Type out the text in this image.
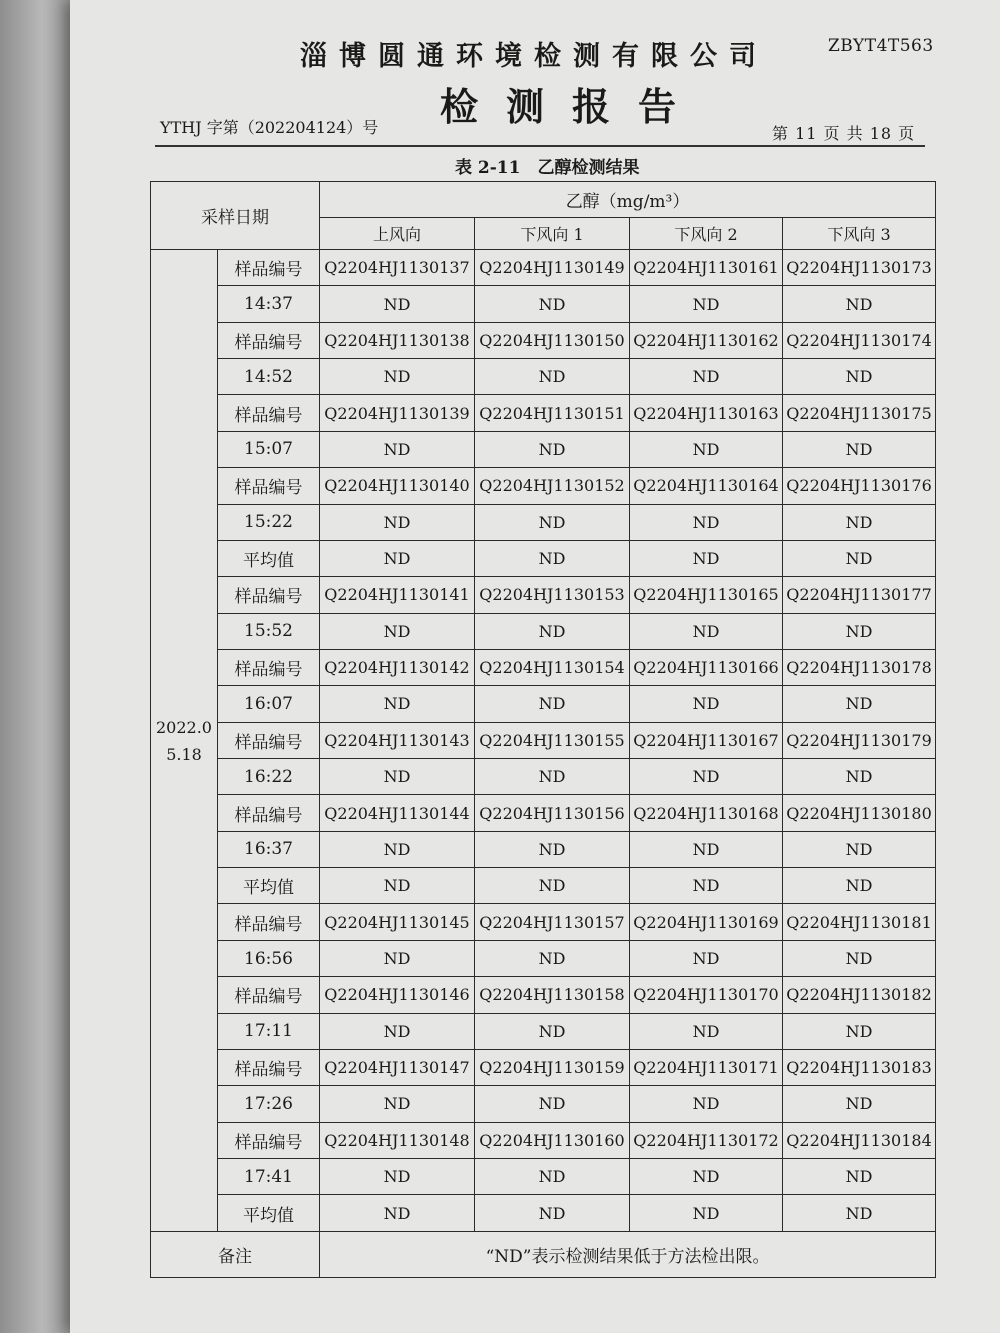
淄博圆通环境检测有限公司	ZBYT4T563
检测报告
YTHJ 字第（202204124）号	第 11 页 共 18 页
表 2-11　乙醇检测结果
采样日期		乙醇（mg/m³）			
		上风向	下风向 1	下风向 2	下风向 3

2022.0
5.18	样品编号	Q2204HJ1130137	Q2204HJ1130149	Q2204HJ1130161	Q2204HJ1130173
	14:37	ND	ND	ND	ND
	样品编号	Q2204HJ1130138	Q2204HJ1130150	Q2204HJ1130162	Q2204HJ1130174
	14:52	ND	ND	ND	ND
	样品编号	Q2204HJ1130139	Q2204HJ1130151	Q2204HJ1130163	Q2204HJ1130175
	15:07	ND	ND	ND	ND
	样品编号	Q2204HJ1130140	Q2204HJ1130152	Q2204HJ1130164	Q2204HJ1130176
	15:22	ND	ND	ND	ND
	平均值	ND	ND	ND	ND
	样品编号	Q2204HJ1130141	Q2204HJ1130153	Q2204HJ1130165	Q2204HJ1130177
	15:52	ND	ND	ND	ND
	样品编号	Q2204HJ1130142	Q2204HJ1130154	Q2204HJ1130166	Q2204HJ1130178
	16:07	ND	ND	ND	ND
	样品编号	Q2204HJ1130143	Q2204HJ1130155	Q2204HJ1130167	Q2204HJ1130179
	16:22	ND	ND	ND	ND
	样品编号	Q2204HJ1130144	Q2204HJ1130156	Q2204HJ1130168	Q2204HJ1130180
	16:37	ND	ND	ND	ND
	平均值	ND	ND	ND	ND
	样品编号	Q2204HJ1130145	Q2204HJ1130157	Q2204HJ1130169	Q2204HJ1130181
	16:56	ND	ND	ND	ND
	样品编号	Q2204HJ1130146	Q2204HJ1130158	Q2204HJ1130170	Q2204HJ1130182
	17:11	ND	ND	ND	ND
	样品编号	Q2204HJ1130147	Q2204HJ1130159	Q2204HJ1130171	Q2204HJ1130183
	17:26	ND	ND	ND	ND
	样品编号	Q2204HJ1130148	Q2204HJ1130160	Q2204HJ1130172	Q2204HJ1130184
	17:41	ND	ND	ND	ND
	平均值	ND	ND	ND	ND
备注		“ND”表示检测结果低于方法检出限。			
